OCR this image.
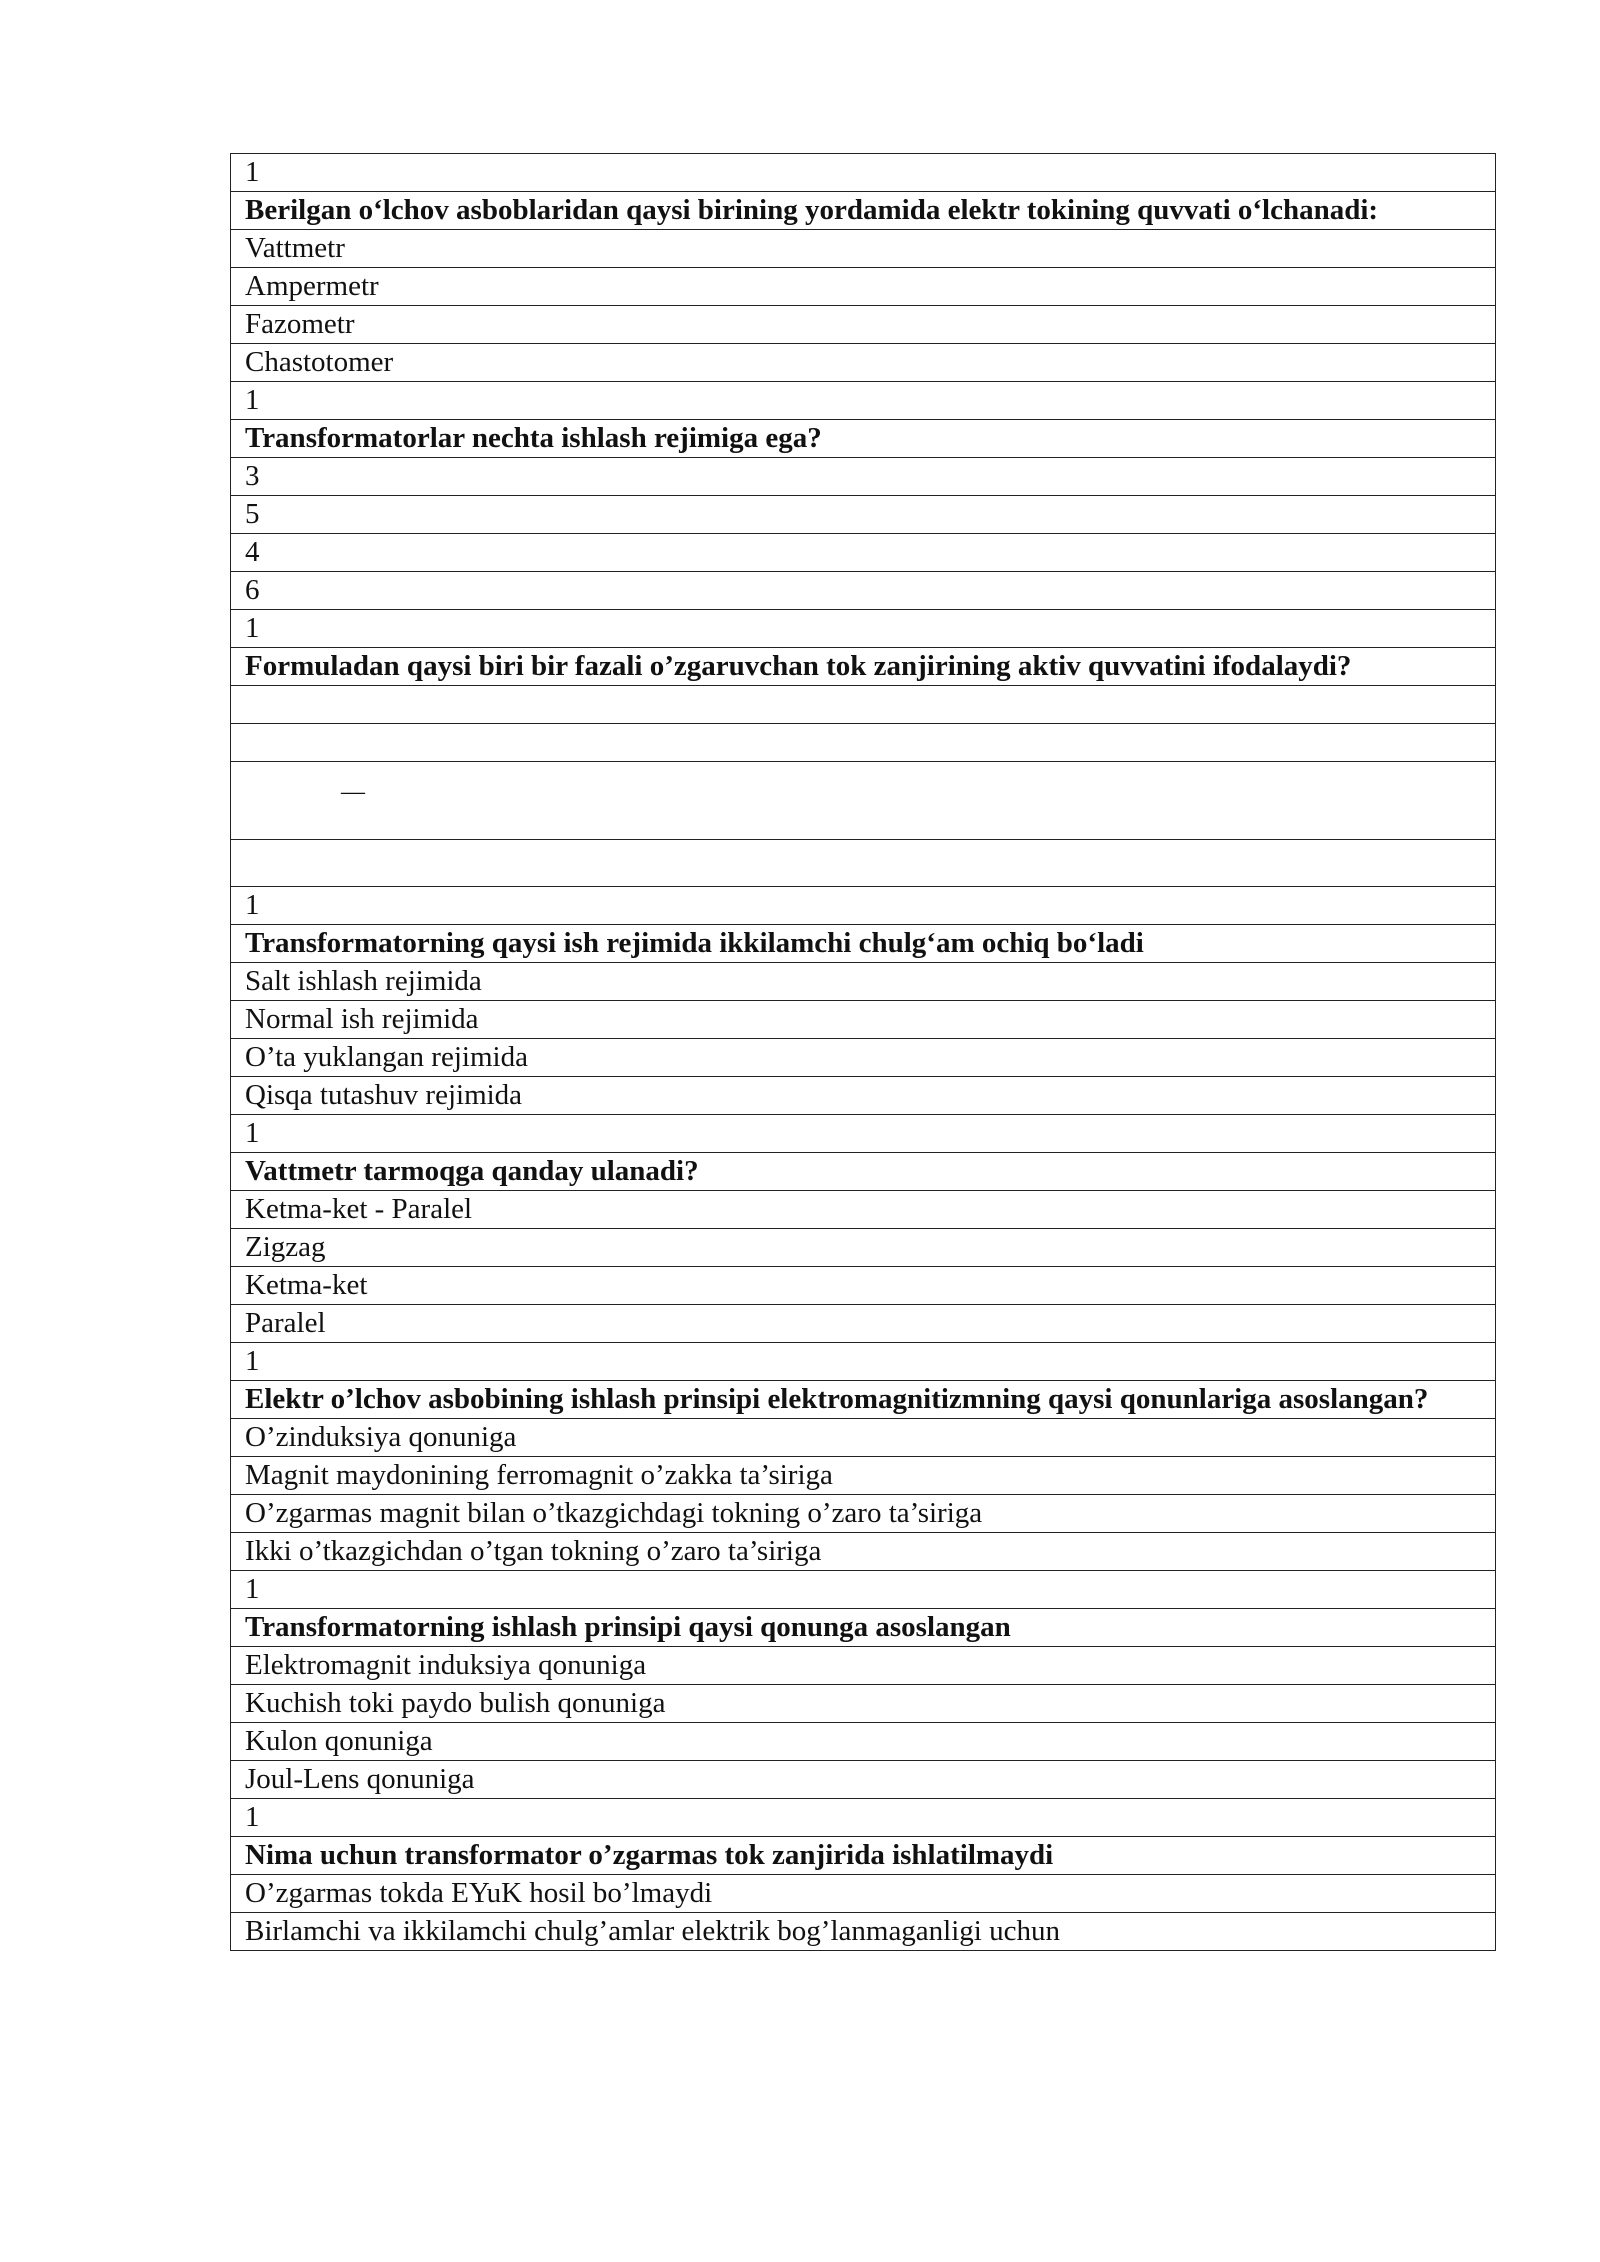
1
Berilgan o‘lchov asboblaridan qaysi birining yordamida elektr tokining quvvati o‘lchanadi:
Vattmetr
Ampermetr
Fazometr
Chastotomer
1
Transformatorlar nechta ishlash rejimiga ega?
3
5
4
6
1
Formuladan qaysi biri bir fazali o’zgaruvchan tok zanjirining aktiv quvvatini ifodalaydi?

—

1
Transformatorning qaysi ish rejimida ikkilamchi chulg‘am ochiq bo‘ladi
Salt ishlash rejimida
Normal ish rejimida
O’ta yuklangan rejimida
Qisqa tutashuv rejimida
1
Vattmetr tarmoqga qanday ulanadi?
Ketma-ket - Paralel
Zigzag
Ketma-ket
Paralel
1
Elektr o’lchov asbobining ishlash prinsipi elektromagnitizmning qaysi qonunlariga asoslangan?
O’zinduksiya qonuniga
Magnit maydonining ferromagnit o’zakka ta’siriga
O’zgarmas magnit bilan o’tkazgichdagi tokning o’zaro ta’siriga
Ikki o’tkazgichdan o’tgan tokning o’zaro ta’siriga
1
Transformatorning ishlash prinsipi qaysi qonunga asoslangan
Elektromagnit induksiya qonuniga
Kuchish toki paydo bulish qonuniga
Kulon qonuniga
Joul-Lens qonuniga
1
Nima uchun transformator o’zgarmas tok zanjirida ishlatilmaydi
O’zgarmas tokda EYuK hosil bo’lmaydi
Birlamchi va ikkilamchi chulg’amlar elektrik bog’lanmaganligi uchun
